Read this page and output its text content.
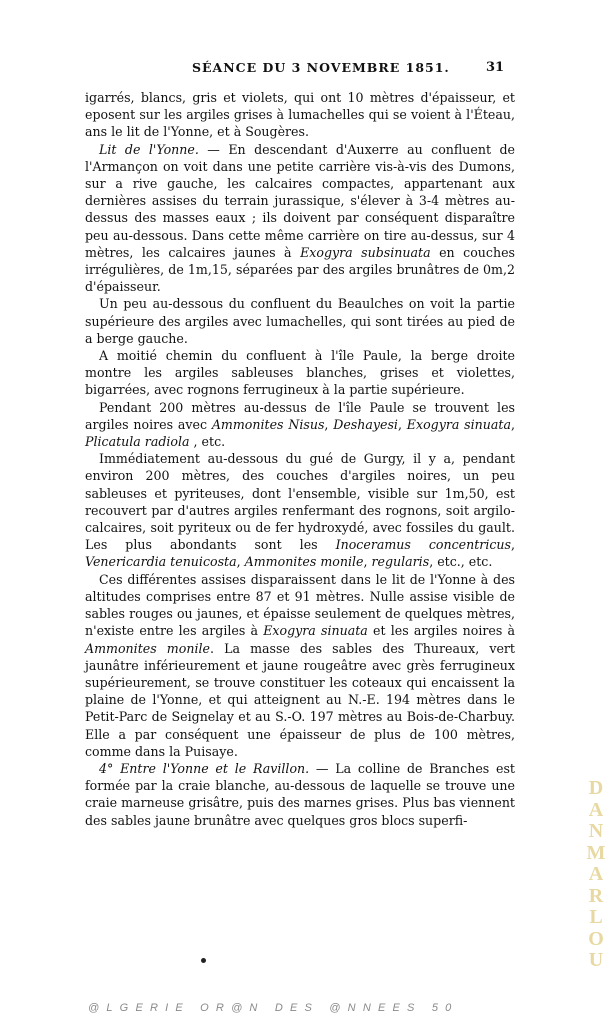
SÉANCE DU 3 NOVEMBRE 1851.	31

igarrés, blancs, gris et violets, qui ont 10 mètres d'épaisseur, et eposent sur les argiles grises à lumachelles qui se voient à l'Éteau, ans le lit de l'Yonne, et à Sougères.

Lit de l'Yonne. — En descendant d'Auxerre au confluent de l'Armançon on voit dans une petite carrière vis-à-vis des Dumons, sur a rive gauche, les calcaires compactes, appartenant aux dernières assises du terrain jurassique, s'élever à 3-4 mètres au-dessus des masses eaux ; ils doivent par conséquent disparaître peu au-dessous. Dans cette même carrière on tire au-dessus, sur 4 mètres, les calcaires jaunes à Exogyra subsinuata en couches irrégulières, de 1m,15, séparées par des argiles brunâtres de 0m,2 d'épaisseur.

Un peu au-dessous du confluent du Beaulches on voit la partie supérieure des argiles avec lumachelles, qui sont tirées au pied de a berge gauche.

A moitié chemin du confluent à l'île Paule, la berge droite montre les argiles sableuses blanches, grises et violettes, bigarrées, avec rognons ferrugineux à la partie supérieure.

Pendant 200 mètres au-dessus de l'île Paule se trouvent les argiles noires avec Ammonites Nisus, Deshayesi, Exogyra sinuata, Plicatula radiola , etc.

Immédiatement au-dessous du gué de Gurgy, il y a, pendant environ 200 mètres, des couches d'argiles noires, un peu sableuses et pyriteuses, dont l'ensemble, visible sur 1m,50, est recouvert par d'autres argiles renfermant des rognons, soit argilo-calcaires, soit pyriteux ou de fer hydroxydé, avec fossiles du gault. Les plus abondants sont les Inoceramus concentricus, Venericardia tenuicosta, Ammonites monile, regularis, etc., etc.

Ces différentes assises disparaissent dans le lit de l'Yonne à des altitudes comprises entre 87 et 91 mètres. Nulle assise visible de sables rouges ou jaunes, et épaisse seulement de quelques mètres, n'existe entre les argiles à Exogyra sinuata et les argiles noires à Ammonites monile. La masse des sables des Thureaux, vert jaunâtre inférieurement et jaune rougeâtre avec grès ferrugineux supérieurement, se trouve constituer les coteaux qui encaissent la plaine de l'Yonne, et qui atteignent au N.-E. 194 mètres dans le Petit-Parc de Seignelay et au S.-O. 197 mètres au Bois-de-Charbuy. Elle a par conséquent une épaisseur de plus de 100 mètres, comme dans la Puisaye.

4° Entre l'Yonne et le Ravillon. — La colline de Branches est formée par la craie blanche, au-dessous de laquelle se trouve une craie marneuse grisâtre, puis des marnes grises. Plus bas viennent des sables jaune brunâtre avec quelques gros blocs superfi-

D
A
N
M
A
R
L
O
U
@LGERIE OR@N DES @NNEES 50
